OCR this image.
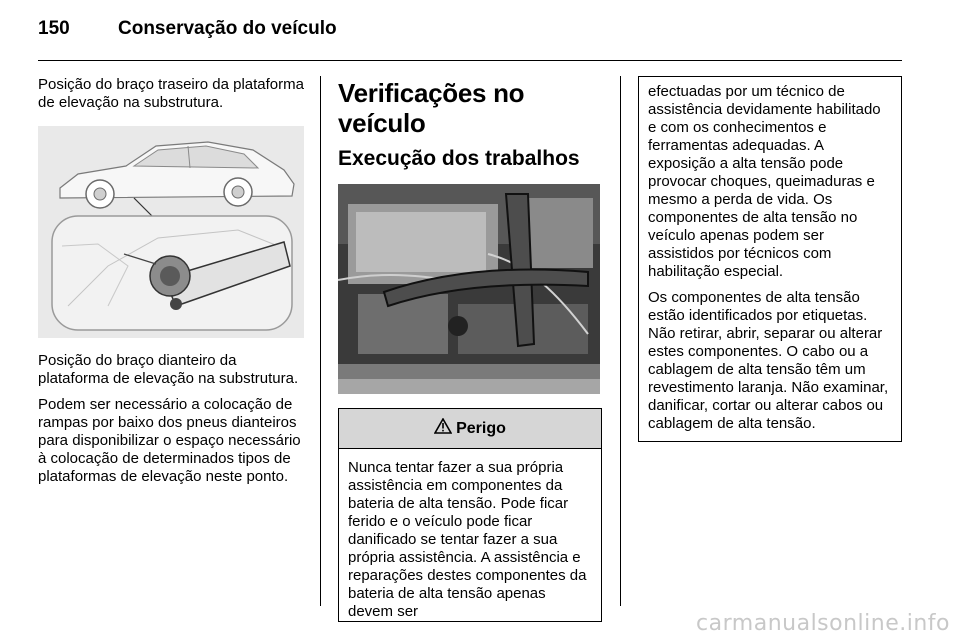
150	Conservação do veículo

Posição do braço traseiro da plataforma de elevação na substrutura.

Posição do braço dianteiro da plataforma de elevação na substrutura.

Podem ser necessário a colocação de rampas por baixo dos pneus dianteiros para disponibilizar o espaço necessário à colocação de determinados tipos de plataformas de elevação neste ponto.

Verificações no veículo
Execução dos trabalhos
Perigo

Nunca tentar fazer a sua própria assistência em componentes da bateria de alta tensão. Pode ficar ferido e o veículo pode ficar danificado se tentar fazer a sua própria assistência. A assistência e reparações destes componentes da bateria de alta tensão apenas devem ser

efectuadas por um técnico de assistência devidamente habilitado e com os conhecimentos e ferramentas adequadas. A exposição a alta tensão pode provocar choques, queimaduras e mesmo a perda de vida. Os componentes de alta tensão no veículo apenas podem ser assistidos por técnicos com habilitação especial.

Os componentes de alta tensão estão identificados por etiquetas. Não retirar, abrir, separar ou alterar estes componentes. O cabo ou a cablagem de alta tensão têm um revestimento laranja. Não examinar, danificar, cortar ou alterar cabos ou cablagem de alta tensão.

carmanualsonline.info
